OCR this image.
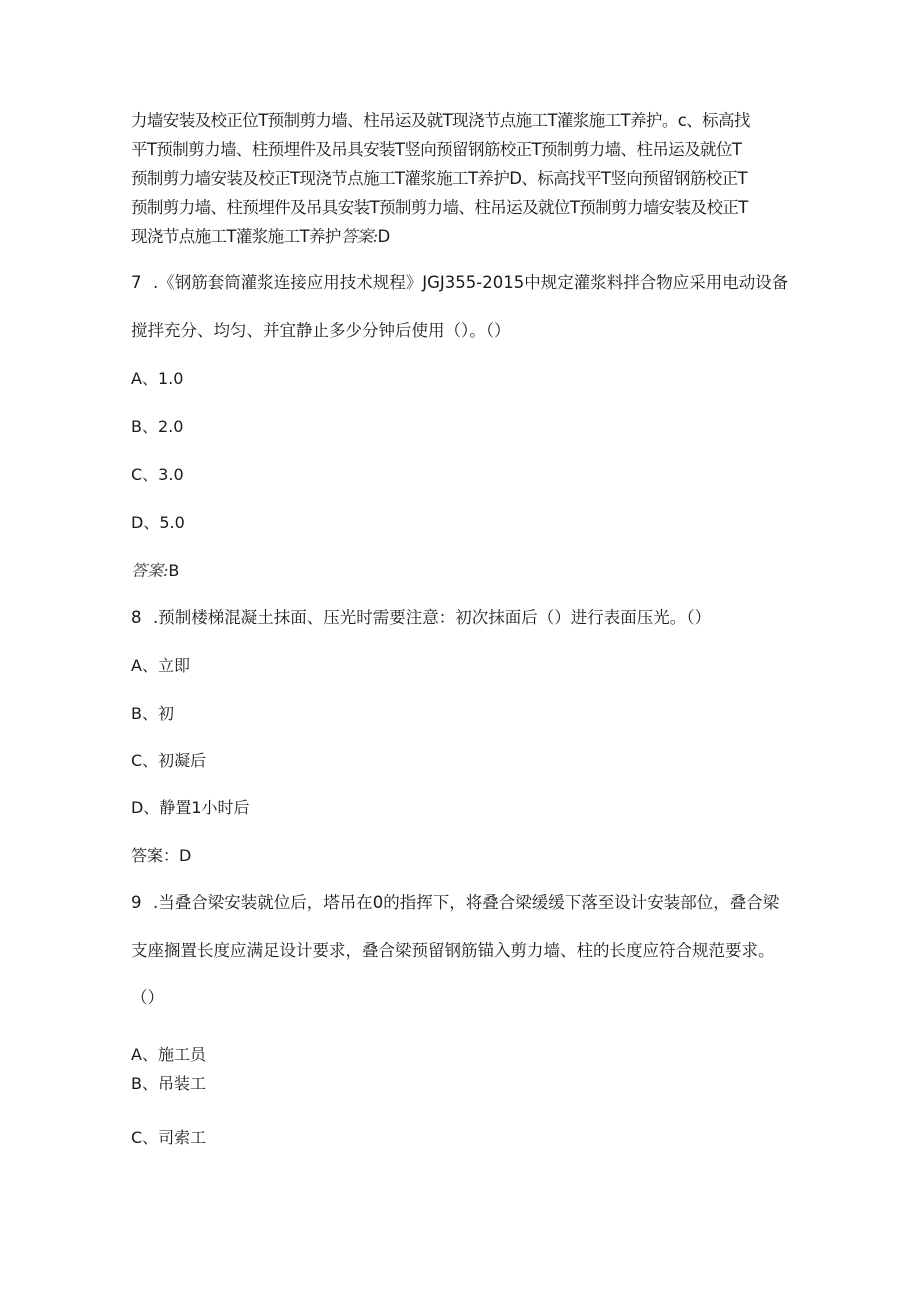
力墙安装及校正位T预制剪力墙、柱吊运及就T现浇节点施工T灌浆施工T养护。c、标高找
平T预制剪力墙、柱预埋件及吊具安装T竖向预留钢筋校正T预制剪力墙、柱吊运及就位T
预制剪力墙安装及校正T现浇节点施工T灌浆施工T养护D、标高找平T竖向预留钢筋校正T
预制剪力墙、柱预埋件及吊具安装T预制剪力墙、柱吊运及就位T预制剪力墙安装及校正T
现浇节点施工T灌浆施工T养护答案:D
7 .《钢筋套筒灌浆连接应用技术规程》JGJ355-2015中规定灌浆料拌合物应采用电动设备
搅拌充分、均匀、并宜静止多少分钟后使用（）。（）
A、1.0
B、2.0
C、3.0
D、5.0
答案:B
8 .预制楼梯混凝土抹面、压光时需要注意：初次抹面后（）进行表面压光。（）
A、立即
B、初
C、初凝后
D、静置1小时后
答案：D
9 .当叠合梁安装就位后，塔吊在0的指挥下，将叠合梁缓缓下落至设计安装部位，叠合梁
支座搁置长度应满足设计要求，叠合梁预留钢筋锚入剪力墙、柱的长度应符合规范要求。
（）
A、施工员
B、吊装工
C、司索工
